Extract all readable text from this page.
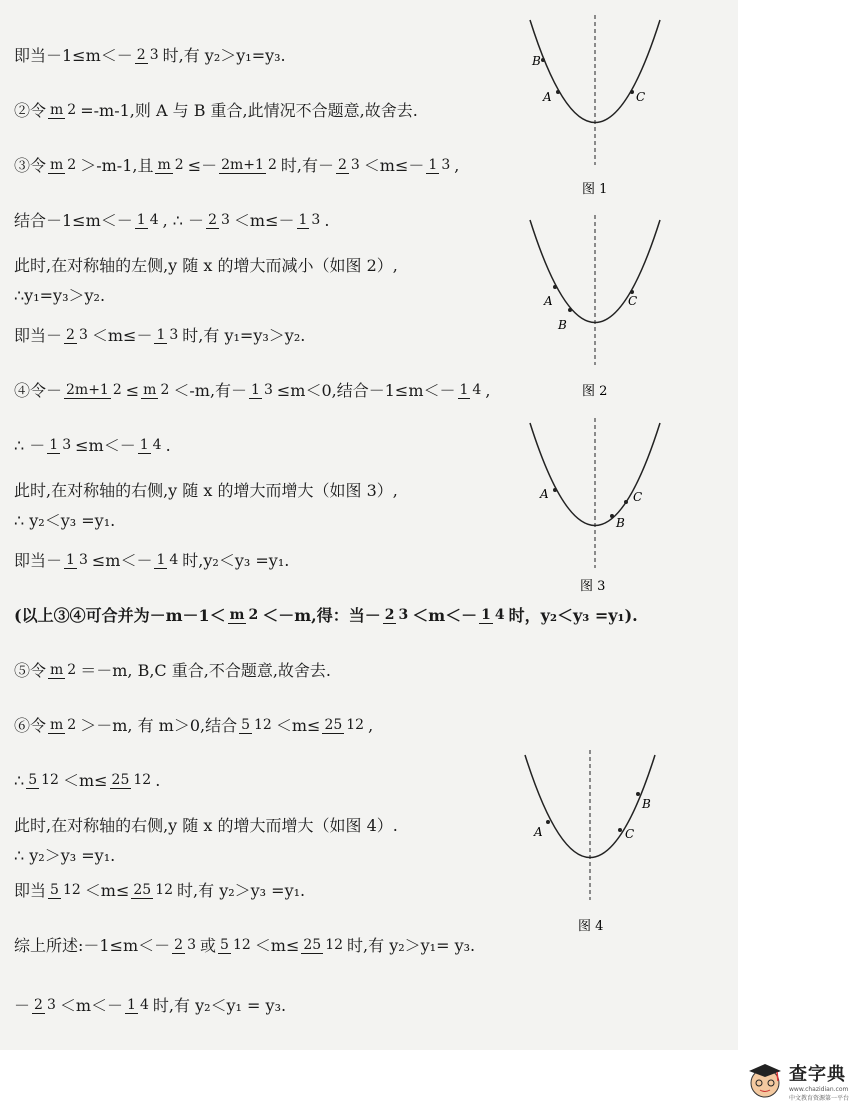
即当－1≤m＜－ 2 3 时,有 y₂＞y₁=y₃.
②令 m 2 =-m-1,则 A 与 B 重合,此情况不合题意,故舍去.
③令 m 2 ＞-m-1,且 m 2 ≤－ 2m+1 2 时,有－ 2 3 ＜m≤－ 1 3 ,
结合－1≤m＜－ 1 4 , ∴ － 2 3 ＜m≤－ 1 3 .
此时,在对称轴的左侧,y 随 x 的增大而减小（如图 2）,
∴y₁=y₃＞y₂.
即当－ 2 3 ＜m≤－ 1 3 时,有 y₁=y₃＞y₂.
④令－ 2m+1 2 ≤ m 2 ＜-m,有－ 1 3 ≤m＜0,结合－1≤m＜－ 1 4 ,
∴ － 1 3 ≤m＜－ 1 4 .
此时,在对称轴的右侧,y 随 x 的增大而增大（如图 3）,
∴ y₂＜y₃ =y₁.
即当－ 1 3 ≤m＜－ 1 4 时,y₂＜y₃ =y₁.
(以上③④可合并为－m－1＜ m 2 ＜－m,得：当－ 2 3 ＜m＜－ 1 4 时，y₂＜y₃ =y₁).
⑤令 m 2 ＝－m, B,C 重合,不合题意,故舍去.
⑥令 m 2 ＞－m, 有 m＞0,结合 5 12 ＜m≤ 25 12 ,
∴ 5 12 ＜m≤ 25 12 .
此时,在对称轴的右侧,y 随 x 的增大而增大（如图 4）.
∴ y₂＞y₃ =y₁.
即当 5 12 ＜m≤ 25 12 时,有 y₂＞y₃ =y₁.
综上所述:－1≤m＜－ 2 3 或 5 12 ＜m≤ 25 12 时,有 y₂＞y₁= y₃.
－ 2 3 ＜m＜－ 1 4 时,有 y₂＜y₁ = y₃.
B
A	C
图 1
A
B
C
图 2
A	C
B
图 3
A	C
B
图 4
查字典
www.chazidian.com
中文教育资源第一平台
